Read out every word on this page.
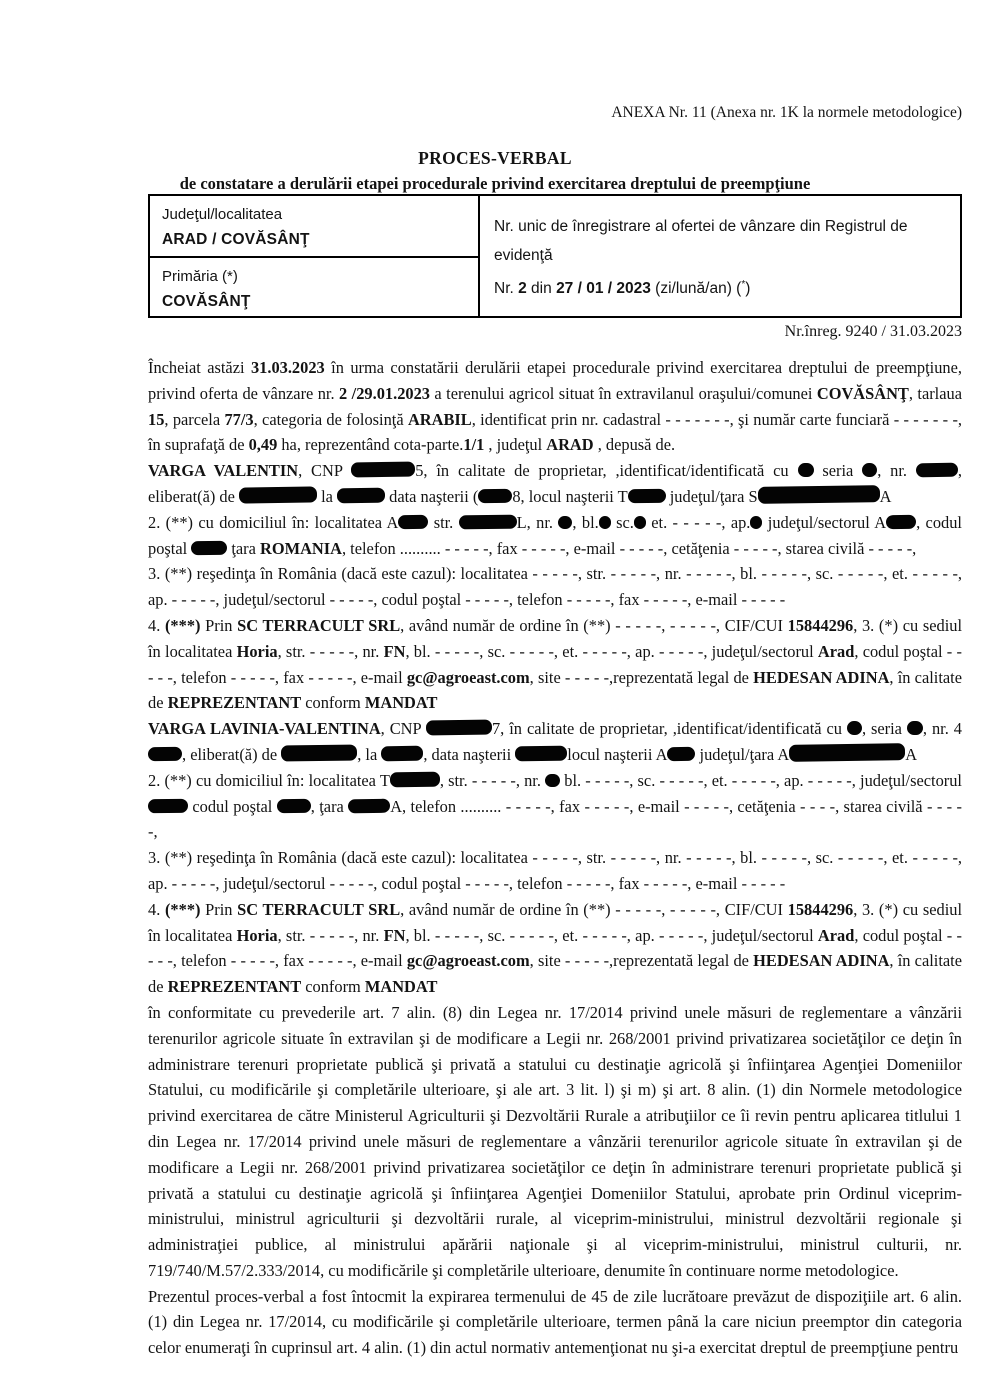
ANEXA Nr. 11 (Anexa nr. 1K la normele metodologice)
PROCES-VERBAL
de constatare a derulării etapei procedurale privind exercitarea dreptului de preempţiune
Judeţul/localitatea
ARAD / COVĂSÂNŢ
Primăria (*)
COVĂSÂNŢ
Nr. unic de înregistrare al ofertei de vânzare din Registrul de evidenţă
Nr. 2 din 27 / 01 / 2023 (zi/lună/an) (*)
Nr.înreg. 9240 / 31.03.2023

Încheiat astăzi 31.03.2023 în urma constatării derulării etapei procedurale privind exercitarea dreptului de preempţiune, privind oferta de vânzare nr. 2 /29.01.2023 a terenului agricol situat în extravilanul oraşului/comunei COVĂSÂNŢ, tarlaua 15, parcela 77/3, categoria de folosinţă ARABIL, identificat prin nr. cadastral - - - - - - -, şi număr carte funciară - - - - - - -, în suprafaţă de 0,49 ha, reprezentând cota-parte.1/1 , judeţul ARAD , depusă de.

VARGA VALENTIN, CNP	5, în calitate de proprietar, ,identificat/identificată cu  seria , nr.	, eliberat(ă) de	la	data naşterii ( 8, locul naşterii T judeţul/ţara S	A

2. (**) cu domiciliul în: localitatea A str.	L, nr. , bl. sc. et. - - - - -, ap. judeţul/sectorul A , codul poştal  ţara ROMANIA, telefon .......... - - - - -, fax - - - - -, e-mail - - - - -, cetăţenia - - - - -, starea civilă - - - - -,

3. (**) reşedinţa în România (dacă este cazul): localitatea - - - - -, str. - - - - -, nr. - - - - -, bl. - - - - -, sc. - - - - -, et. - - - - -, ap. - - - - -, judeţul/sectorul - - - - -, codul poştal - - - - -, telefon - - - - -, fax - - - - -, e-mail - - - - -

4. (***) Prin SC TERRACULT SRL, având număr de ordine în (**) - - - - -, - - - - -, CIF/CUI 15844296, 3. (*) cu sediul în localitatea Horia, str. - - - - -, nr. FN, bl. - - - - -, sc. - - - - -, et. - - - - -, ap. - - - - -, judeţul/sectorul Arad, codul poştal - - - - -, telefon - - - - -, fax - - - - -, e-mail gc@agroeast.com, site - - - - -,reprezentată legal de HEDESAN ADINA, în calitate de REPREZENTANT conform MANDAT

VARGA LAVINIA-VALENTINA, CNP	7, în calitate de proprietar, ,identificat/identificată cu , seria , nr. 4, eliberat(ă) de	, la	, data naşterii	locul naşterii A judeţul/ţara A	A

2. (**) cu domiciliul în: localitatea T	, str. - - - - -, nr.  bl. - - - - -, sc. - - - - -, et. - - - - -, ap. - - - - -, judeţul/sectorul  codul poştal , ţara	A, telefon .......... - - - - -, fax - - - - -, e-mail - - - - -, cetăţenia - - - -, starea civilă - - - - -,

3. (**) reşedinţa în România (dacă este cazul): localitatea - - - - -, str. - - - - -, nr. - - - - -, bl. - - - - -, sc. - - - - -, et. - - - - -, ap. - - - - -, judeţul/sectorul - - - - -, codul poştal - - - - -, telefon - - - - -, fax - - - - -, e-mail - - - - -

4. (***) Prin SC TERRACULT SRL, având număr de ordine în (**) - - - - -, - - - - -, CIF/CUI 15844296, 3. (*) cu sediul în localitatea Horia, str. - - - - -, nr. FN, bl. - - - - -, sc. - - - - -, et. - - - - -, ap. - - - - -, judeţul/sectorul Arad, codul poştal - - - - -, telefon - - - - -, fax - - - - -, e-mail gc@agroeast.com, site - - - - -,reprezentată legal de HEDESAN ADINA, în calitate de REPREZENTANT conform MANDAT

în conformitate cu prevederile art. 7 alin. (8) din Legea nr. 17/2014 privind unele măsuri de reglementare a vânzării terenurilor agricole situate în extravilan şi de modificare a Legii nr. 268/2001 privind privatizarea societăţilor ce deţin în administrare terenuri proprietate publică şi privată a statului cu destinaţie agricolă şi înfiinţarea Agenţiei Domeniilor Statului, cu modificările şi completările ulterioare, şi ale art. 3 lit. l) şi m) şi art. 8 alin. (1) din Normele metodologice privind exercitarea de către Ministerul Agriculturii şi Dezvoltării Rurale a atribuţiilor ce îi revin pentru aplicarea titlului 1 din Legea nr. 17/2014 privind unele măsuri de reglementare a vânzării terenurilor agricole situate în extravilan şi de modificare a Legii nr. 268/2001 privind privatizarea societăţilor ce deţin în administrare terenuri proprietate publică şi privată a statului cu destinaţie agricolă şi înfiinţarea Agenţiei Domeniilor Statului, aprobate prin Ordinul viceprim-ministrului, ministrul agriculturii şi dezvoltării rurale, al viceprim-ministrului, ministrul dezvoltării regionale şi administraţiei publice, al ministrului apărării naţionale şi al viceprim-ministrului, ministrul culturii, nr. 719/740/M.57/2.333/2014, cu modificările şi completările ulterioare, denumite în continuare norme metodologice.

Prezentul proces-verbal a fost întocmit la expirarea termenului de 45 de zile lucrătoare prevăzut de dispoziţiile art. 6 alin. (1) din Legea nr. 17/2014, cu modificările şi completările ulterioare, termen până la care niciun preemptor din categoria celor enumeraţi în cuprinsul art. 4 alin. (1) din actul normativ antemenţionat nu şi-a exercitat dreptul de preempţiune pentru
